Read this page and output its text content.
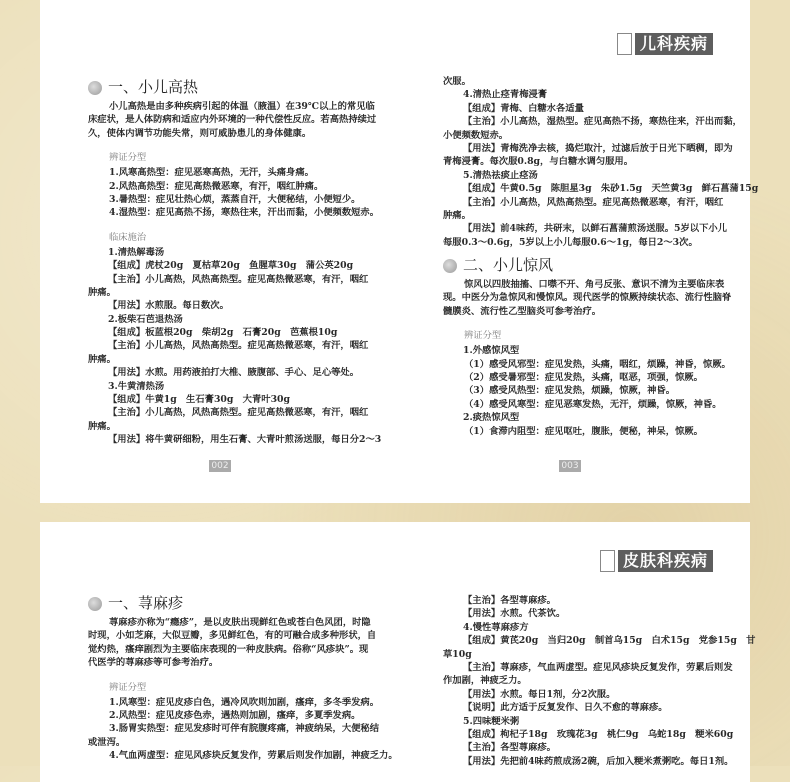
儿科疾病
一、小儿高热
小儿高热是由多种疾病引起的体温（腋温）在39℃以上的常见临
床症状，是人体防病和适应内外环境的一种代偿性反应。若高热持续过
久，使体内调节功能失常，则可威胁患儿的身体健康。
辨证分型
1.风寒高热型：症见恶寒高热，无汗，头痛身痛。
2.风热高热型：症见高热微恶寒，有汗，咽红肿痛。
3.暑热型：症见壮热心烦，蒸蒸自汗，大便秘结，小便短少。
4.湿热型：症见高热不扬，寒热往来，汗出而黏，小便频数短赤。
临床施治
1.清热解毒汤
【组成】虎杖20g　夏枯草20g　鱼腥草30g　蒲公英20g
【主治】小儿高热，风热高热型。症见高热微恶寒，有汗，咽红
肿痛。
【用法】水煎服。每日数次。
2.板柴石芭退热汤
【组成】板蓝根20g　柴胡2g　石膏20g　芭蕉根10g
【主治】小儿高热，风热高热型。症见高热微恶寒，有汗，咽红
肿痛。
【用法】水煎。用药液拍打大椎、腋腹部、手心、足心等处。
3.牛黄清热汤
【组成】牛黄1g　生石膏30g　大青叶30g
【主治】小儿高热，风热高热型。症见高热微恶寒，有汗，咽红
肿痛。
【用法】将牛黄研细粉，用生石膏、大青叶煎汤送服，每日分2～3
次服。
4.清热止痉青梅浸膏
【组成】青梅、白糖水各适量
【主治】小儿高热，湿热型。症见高热不扬，寒热往来，汗出而黏，
小便频数短赤。
【用法】青梅洗净去核，捣烂取汁，过滤后放于日光下晒稠，即为
青梅浸膏。每次服0.8g，与白糖水调匀服用。
5.清热祛痰止痉汤
【组成】牛黄0.5g　陈胆星3g　朱砂1.5g　天竺黄3g　鲜石菖蒲15g
【主治】小儿高热，风热高热型。症见高热微恶寒，有汗，咽红
肿痛。
【用法】前4味药，共研末，以鲜石菖蒲煎汤送服。5岁以下小儿
每服0.3～0.6g，5岁以上小儿每服0.6～1g，每日2～3次。
二、小儿惊风
惊风以四肢抽搐、口噤不开、角弓反张、意识不清为主要临床表
现。中医分为急惊风和慢惊风。现代医学的惊厥持续状态、流行性脑脊
髓膜炎、流行性乙型脑炎可参考治疗。
辨证分型
1.外感惊风型
（1）感受风邪型：症见发热，头痛，咽红，烦躁，神昏，惊厥。
（2）感受暑邪型：症见发热，头痛，呕恶，项强，惊厥。
（3）感受风热型：症见发热，烦躁，惊厥，神昏。
（4）感受风寒型：症见恶寒发热，无汗，烦躁，惊厥，神昏。
2.痰热惊风型
（1）食滞内阻型：症见呕吐，腹胀，便秘，神呆，惊厥。
002	003
皮肤科疾病
一、荨麻疹
荨麻疹亦称为“瘾疹”，是以皮肤出现鲜红色或苍白色风团，时隐
时现，小如芝麻，大似豆瓣，多见鲜红色，有的可融合成多种形状，自
觉灼热，瘙痒剧烈为主要临床表现的一种皮肤病。俗称“风疹块”。现
代医学的荨麻疹等可参考治疗。
辨证分型
1.风寒型：症见皮疹白色，遇冷风吹则加剧，瘙痒，多冬季发病。
2.风热型：症见皮疹色赤，遇热则加剧，瘙痒，多夏季发病。
3.肠胃实热型：症见发疹时可伴有脘腹疼痛，神疲纳呆，大便秘结
或泄泻。
4.气血两虚型：症见风疹块反复发作，劳累后则发作加剧，神疲乏力。
【主治】各型荨麻疹。
【用法】水煎。代茶饮。
4.慢性荨麻疹方
【组成】黄芪20g　当归20g　制首乌15g　白术15g　党参15g　甘
草10g
【主治】荨麻疹，气血两虚型。症见风疹块反复发作，劳累后则发
作加剧，神疲乏力。
【用法】水煎。每日1剂，分2次服。
【说明】此方适于反复发作、日久不愈的荨麻疹。
5.四味粳米粥
【组成】枸杞子18g　玫瑰花3g　桃仁9g　乌蛇18g　粳米60g
【主治】各型荨麻疹。
【用法】先把前4味药煎成汤2碗，后加入粳米煮粥吃。每日1剂。
